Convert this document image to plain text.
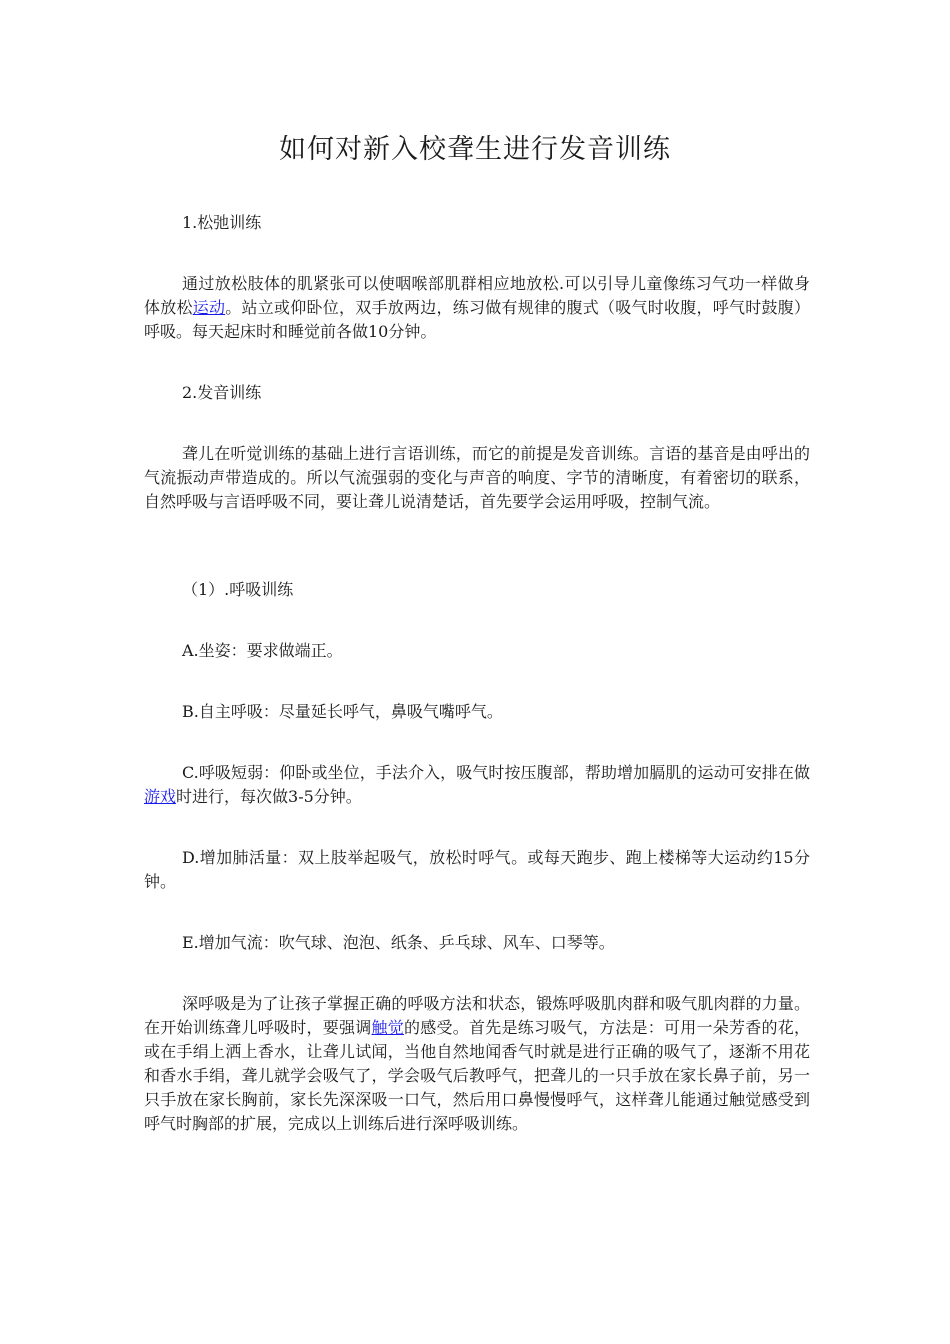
如何对新入校聋生进行发音训练

1.松弛训练

通过放松肢体的肌紧张可以使咽喉部肌群相应地放松.可以引导儿童像练习气功一样做身体放松运动。站立或仰卧位，双手放两边，练习做有规律的腹式（吸气时收腹，呼气时鼓腹）呼吸。每天起床时和睡觉前各做10分钟。

2.发音训练

聋儿在听觉训练的基础上进行言语训练，而它的前提是发音训练。言语的基音是由呼出的气流振动声带造成的。所以气流强弱的变化与声音的响度、字节的清晰度，有着密切的联系，自然呼吸与言语呼吸不同，要让聋儿说清楚话，首先要学会运用呼吸，控制气流。

（1）.呼吸训练

A.坐姿：要求做端正。

B.自主呼吸：尽量延长呼气，鼻吸气嘴呼气。

C.呼吸短弱：仰卧或坐位，手法介入，吸气时按压腹部，帮助增加膈肌的运动可安排在做游戏时进行，每次做3-5分钟。

D.增加肺活量：双上肢举起吸气，放松时呼气。或每天跑步、跑上楼梯等大运动约15分钟。

E.增加气流：吹气球、泡泡、纸条、乒乓球、风车、口琴等。

深呼吸是为了让孩子掌握正确的呼吸方法和状态，锻炼呼吸肌肉群和吸气肌肉群的力量。在开始训练聋儿呼吸时，要强调触觉的感受。首先是练习吸气，方法是：可用一朵芳香的花，或在手绢上洒上香水，让聋儿试闻，当他自然地闻香气时就是进行正确的吸气了，逐渐不用花和香水手绢，聋儿就学会吸气了，学会吸气后教呼气，把聋儿的一只手放在家长鼻子前，另一只手放在家长胸前，家长先深深吸一口气，然后用口鼻慢慢呼气，这样聋儿能通过触觉感受到呼气时胸部的扩展，完成以上训练后进行深呼吸训练。
